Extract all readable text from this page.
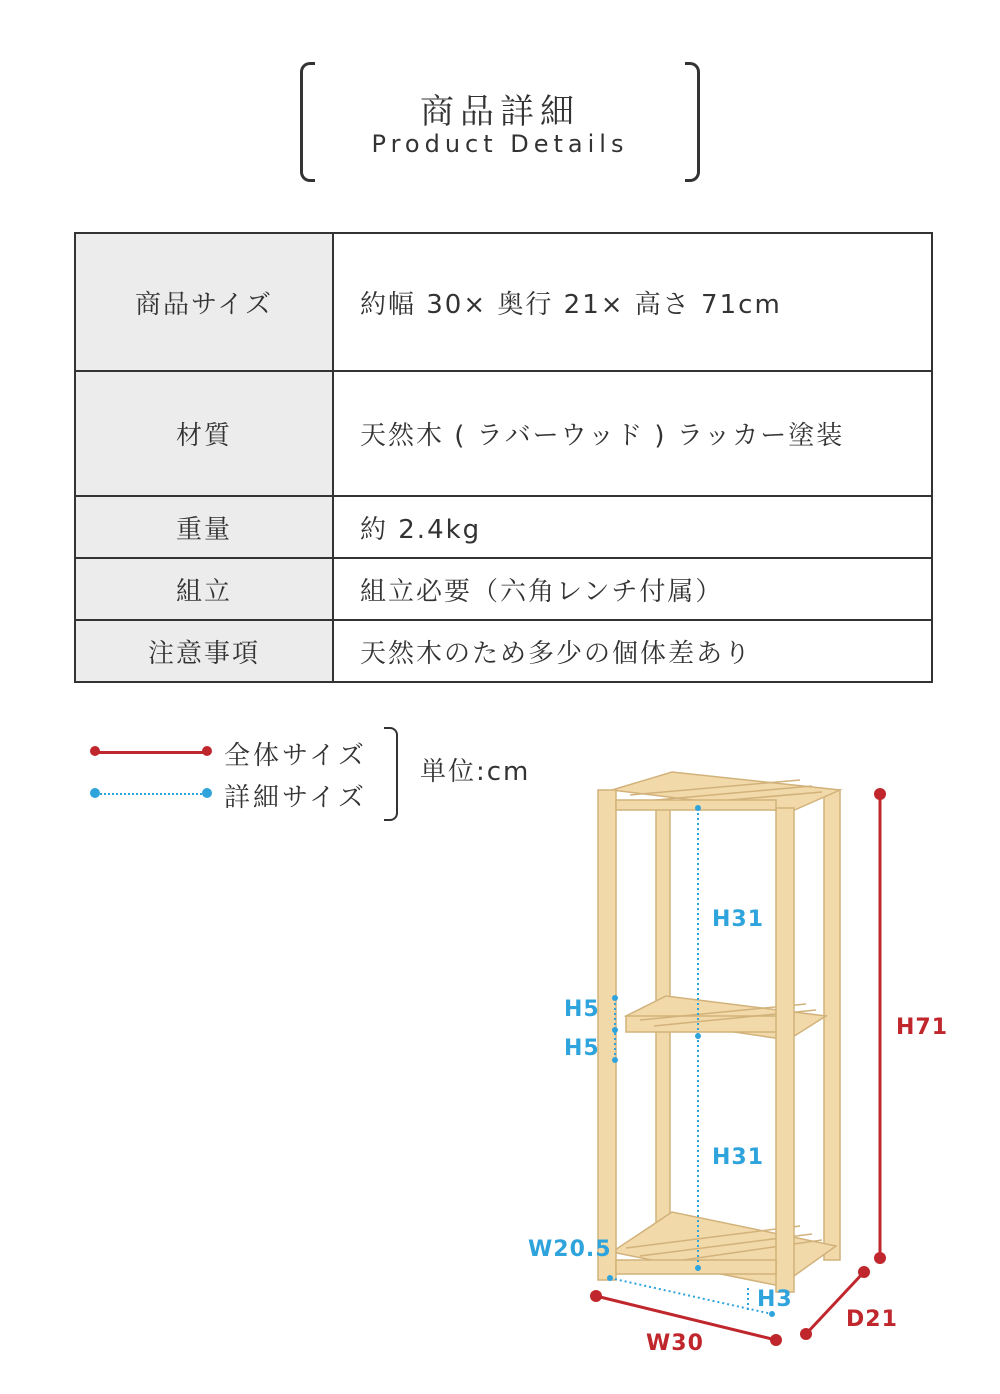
商品詳細
Product Details
商品サイズ	約幅 30× 奥行 21× 高さ 71cm
材質	天然木 ( ラバーウッド ) ラッカー塗装
重量	約 2.4kg
組立	組立必要（六角レンチ付属）
注意事項	天然木のため多少の個体差あり
全体サイズ
詳細サイズ
単位:cm
H31
H5
H5
H31
W20.5
H3
H71
W30
D21
